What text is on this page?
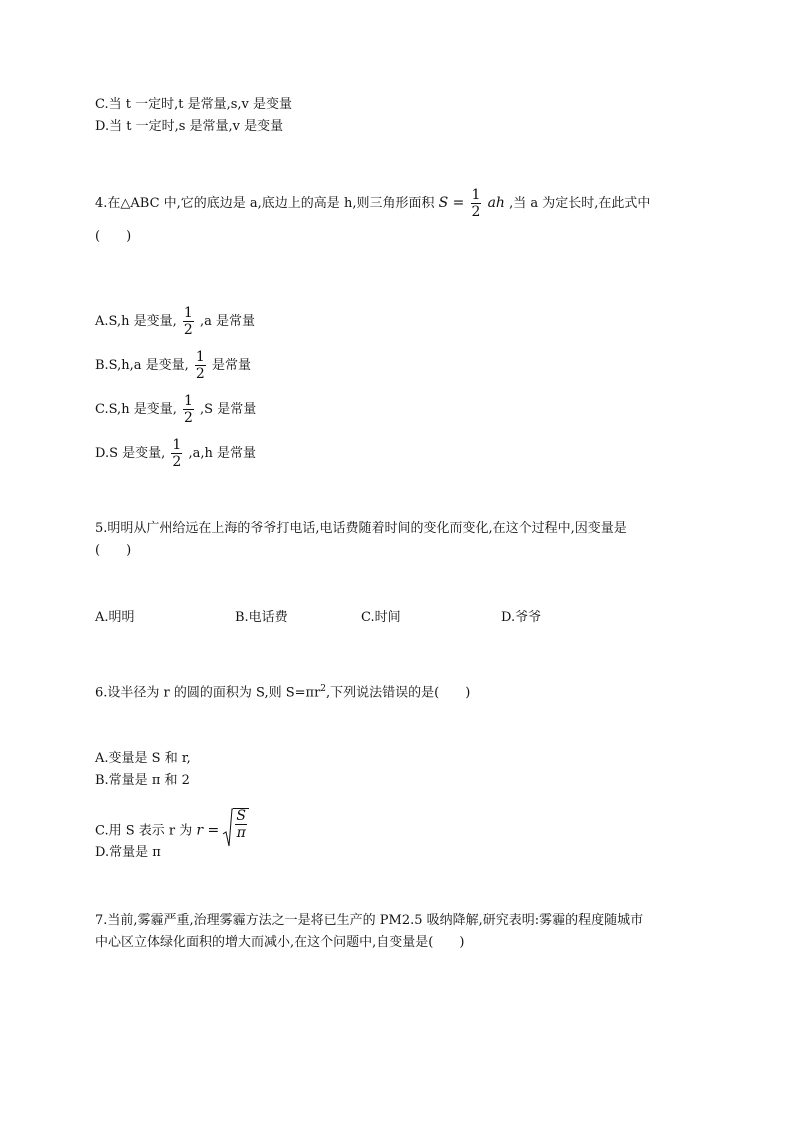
C.当 t 一定时,t 是常量,s,v 是变量
D.当 t 一定时,s 是常量,v 是变量
4.在△ABC 中,它的底边是 a,底边上的高是 h,则三角形面积 $S = \frac{1}{2}$ ah ,当 a 为定长时,在此式中
(　　)
A.S,h 是变量, $\frac{1}{2} ,a$ 是常量
B.S,h,a 是变量, $\frac{1}{2}$ 是常量
C.S,h 是变量, $\frac{1}{2} ,S$ 是常量
D.S 是变量, $\frac{1}{2} ,a,h$ 是常量
5.明明从广州给远在上海的爷爷打电话,电话费随着时间的变化而变化,在这个过程中,因变量是
(　　)
A.明明	B.电话费	C.时间	D.爷爷
6.设半径为 r 的圆的面积为 S,则 $S=\pi r^2$,下列说法错误的是(　　)
A.变量是 S 和 r,
B.常量是 π 和 2
C.用 S 表示 r 为 $r = \frac{S}{\pi}$
D.常量是 π
7.当前,雾霾严重,治理雾霾方法之一是将已生产的 PM2.5 吸纳降解,研究表明:雾霾的程度随城市
中心区立体绿化面积的增大而减小,在这个问题中,自变量是(　　)
